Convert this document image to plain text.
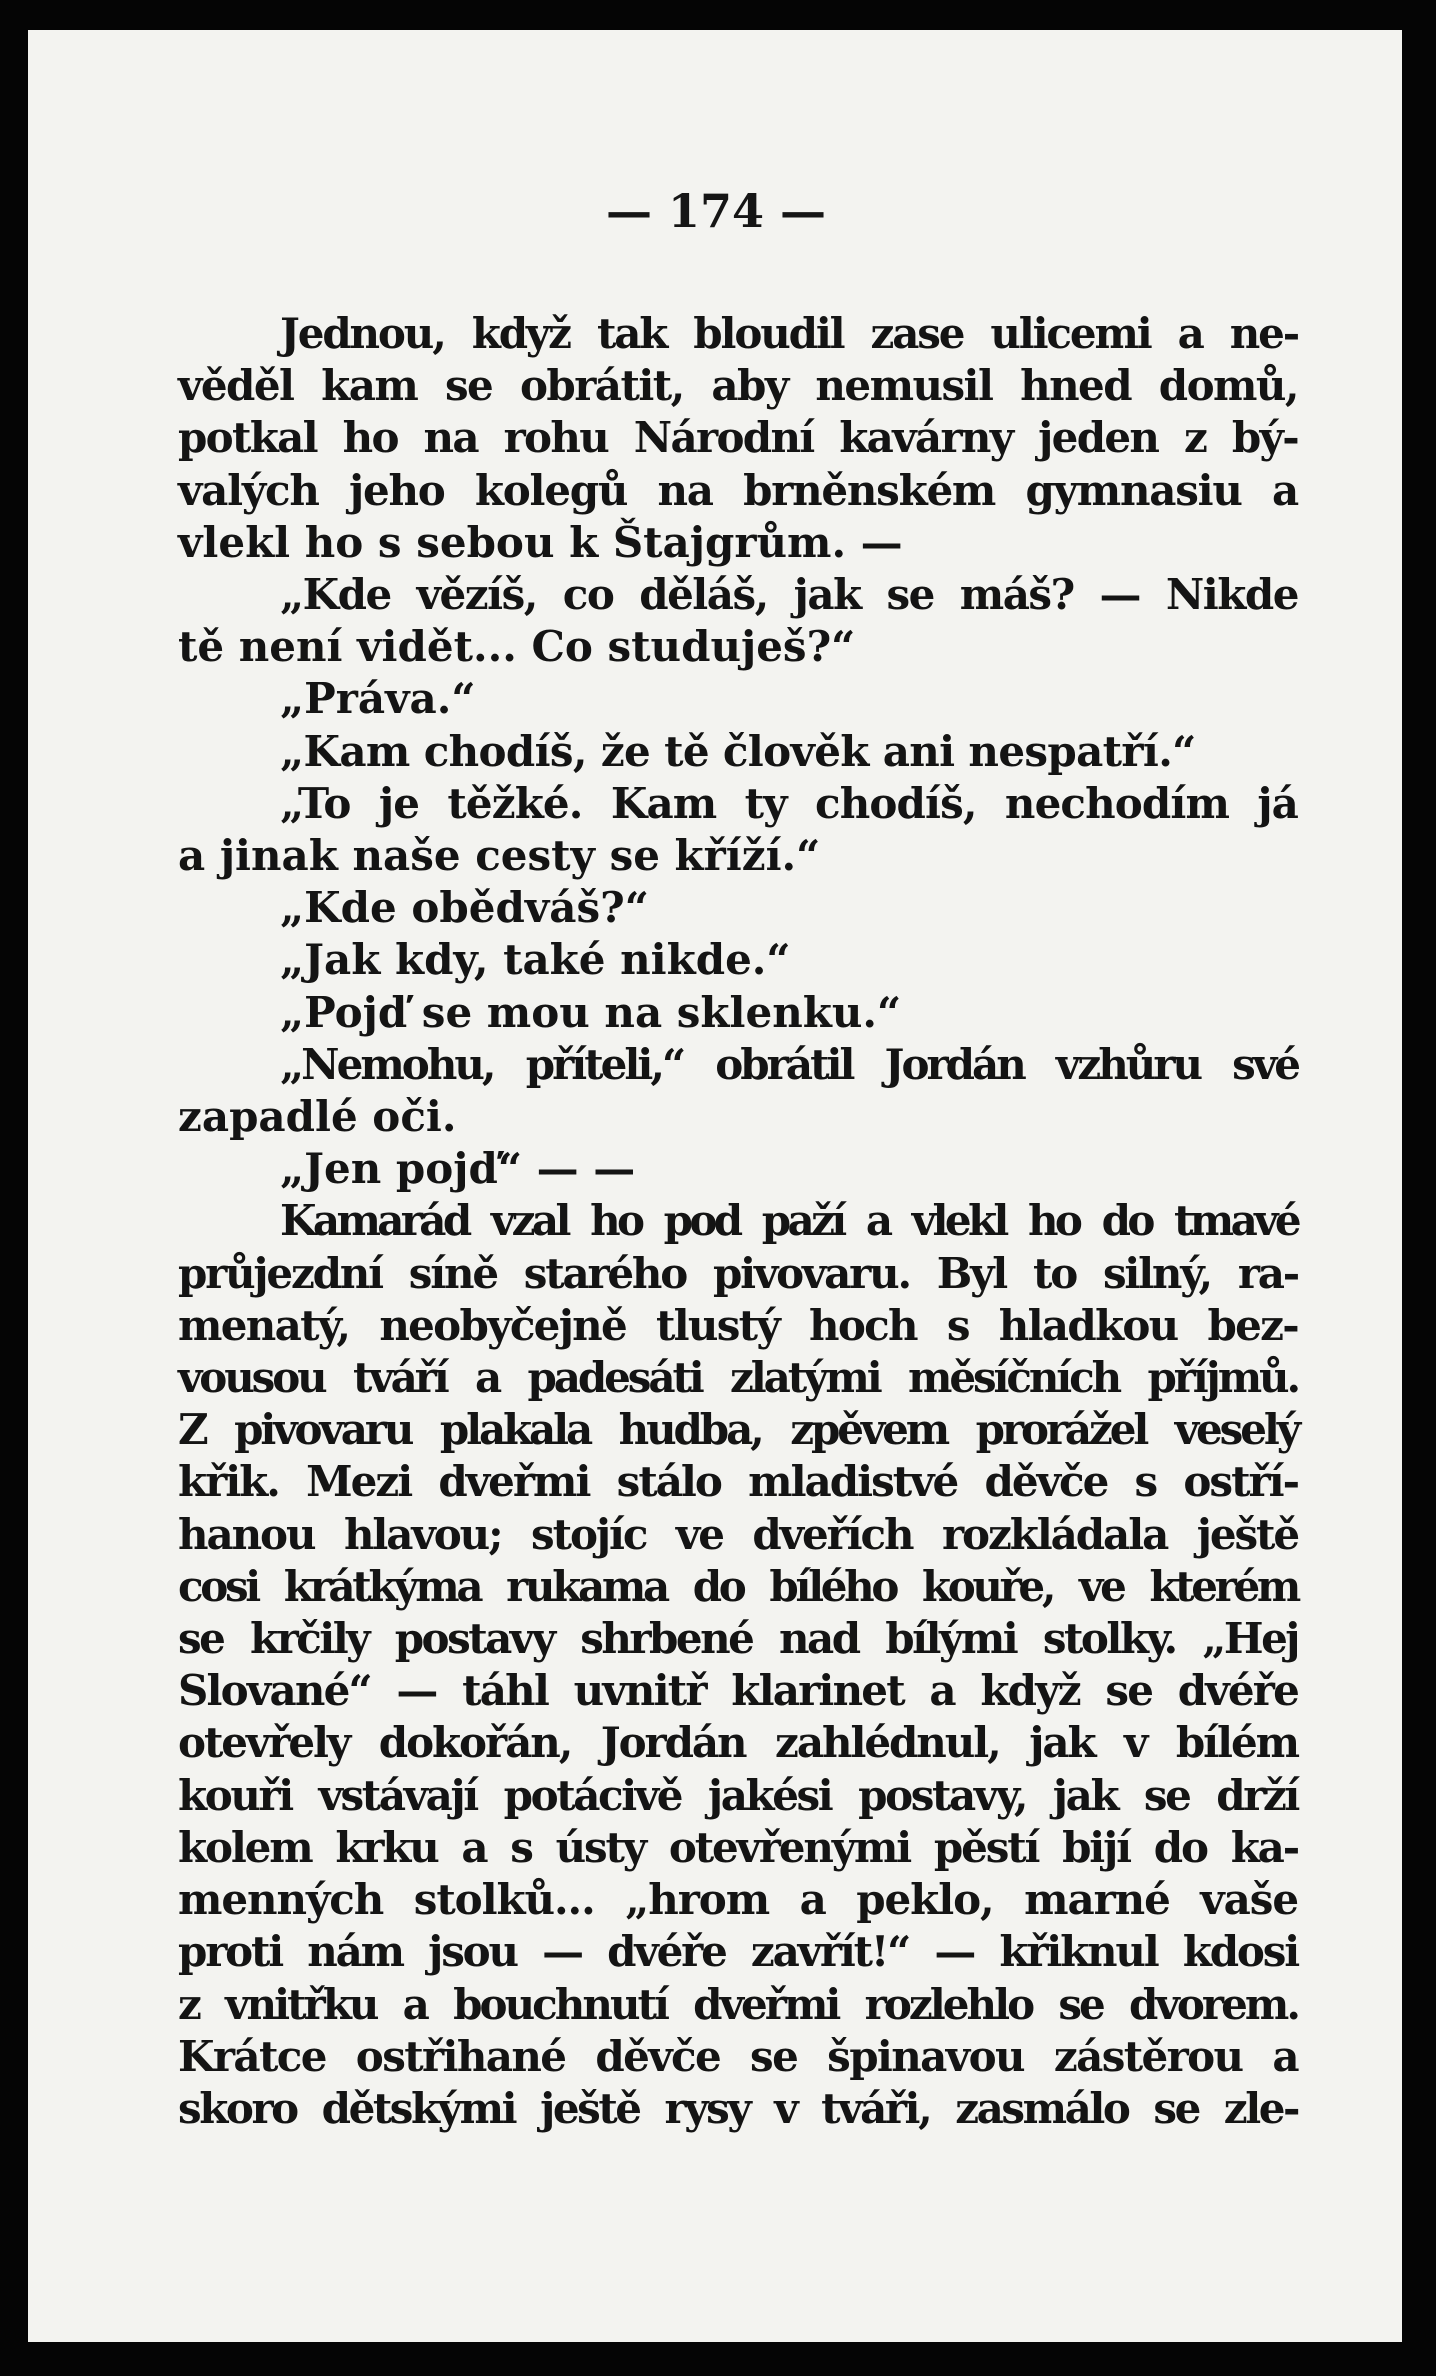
— 174 —

Jednou, když tak bloudil zase ulicemi a ne-
věděl kam se obrátit, aby nemusil hned domů,
potkal ho na rohu Národní kavárny jeden z bý-
valých jeho kolegů na brněnském gymnasiu a
vlekl ho s sebou k Štajgrům. —

„Kde vězíš, co děláš, jak se máš? — Nikde
tě není vidět... Co studuješ?“

„Práva.“

„Kam chodíš, že tě člověk ani nespatří.“

„To je těžké. Kam ty chodíš, nechodím já
a jinak naše cesty se kříží.“

„Kde obědváš?“

„Jak kdy, také nikde.“

„Pojď se mou na sklenku.“

„Nemohu, příteli,“ obrátil Jordán vzhůru své
zapadlé oči.

„Jen pojď“ — —

Kamarád vzal ho pod paží a vlekl ho do tmavé
průjezdní síně starého pivovaru. Byl to silný, ra-
menatý, neobyčejně tlustý hoch s hladkou bez-
vousou tváří a padesáti zlatými měsíčních příjmů.
Z pivovaru plakala hudba, zpěvem prorážel veselý
křik. Mezi dveřmi stálo mladistvé děvče s ostří-
hanou hlavou; stojíc ve dveřích rozkládala ještě
cosi krátkýma rukama do bílého kouře, ve kterém
se krčily postavy shrbené nad bílými stolky. „Hej
Slované“ — táhl uvnitř klarinet a když se dvéře
otevřely dokořán, Jordán zahlédnul, jak v bílém
kouři vstávají potácivě jakési postavy, jak se drží
kolem krku a s ústy otevřenými pěstí bijí do ka-
menných stolků... „hrom a peklo, marné vaše
proti nám jsou — dvéře zavřít!“ — křiknul kdosi
z vnitřku a bouchnutí dveřmi rozlehlo se dvorem.
Krátce ostřihané děvče se špinavou zástěrou a
skoro dětskými ještě rysy v tváři, zasmálo se zle-
